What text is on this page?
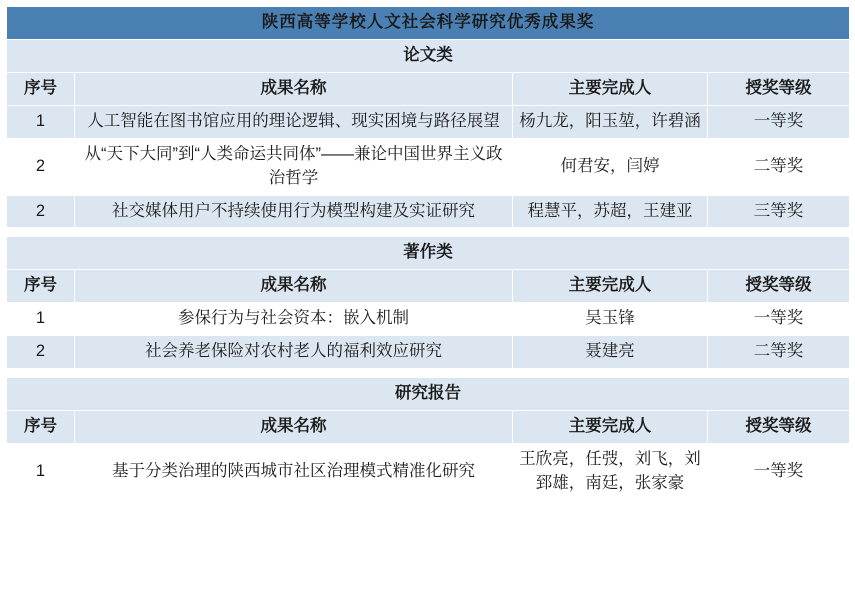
陕西高等学校人文社会科学研究优秀成果奖			
论文类			
序号	成果名称	主要完成人	授奖等级
1	人工智能在图书馆应用的理论逻辑、现实困境与路径展望	杨九龙，阳玉堃，许碧涵	一等奖
2	从“天下大同”到“人类命运共同体”——兼论中国世界主义政治哲学	何君安，闫婷	二等奖
2	社交媒体用户不持续使用行为模型构建及实证研究	程慧平，苏超，王建亚	三等奖

著作类			
序号	成果名称	主要完成人	授奖等级
1	参保行为与社会资本：嵌入机制	吴玉锋	一等奖
2	社会养老保险对农村老人的福利效应研究	聂建亮	二等奖

研究报告			
序号	成果名称	主要完成人	授奖等级
1	基于分类治理的陕西城市社区治理模式精准化研究	王欣亮，任弢，刘飞，刘郅雄，南廷，张家豪	一等奖
